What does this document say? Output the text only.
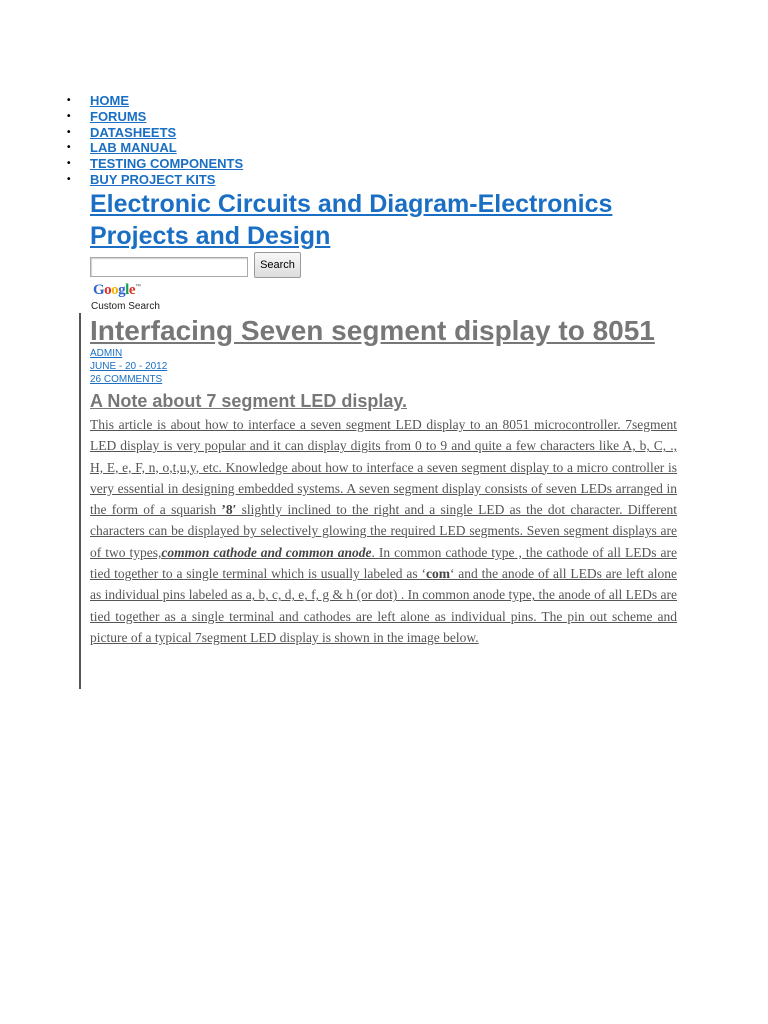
• HOME
• FORUMS
• DATASHEETS
• LAB MANUAL
• TESTING COMPONENTS
• BUY PROJECT KITS
Electronic Circuits and Diagram-Electronics Projects and Design
Search
Google™
Custom Search
Interfacing Seven segment display to 8051
ADMIN
JUNE - 20 - 2012
26 COMMENTS
A Note about 7 segment LED display.

This article is about how to interface a seven segment LED display to an 8051 microcontroller. 7segment LED display is very popular and it can display digits from 0 to 9 and quite a few characters like A, b, C, ., H, E, e, F, n, o,t,u,y, etc. Knowledge about how to interface a seven segment display to a micro controller is very essential in designing embedded systems. A seven segment display consists of seven LEDs arranged in the form of a squarish ’8′ slightly inclined to the right and a single LED as the dot character. Different characters can be displayed by selectively glowing the required LED segments. Seven segment displays are of two types,common cathode and common anode. In common cathode type , the cathode of all LEDs are tied together to a single terminal which is usually labeled as ‘com‘ and the anode of all LEDs are left alone as individual pins labeled as a, b, c, d, e, f, g & h (or dot) . In common anode type, the anode of all LEDs are tied together as a single terminal and cathodes are left alone as individual pins. The pin out scheme and picture of a typical 7segment LED display is shown in the image below.
